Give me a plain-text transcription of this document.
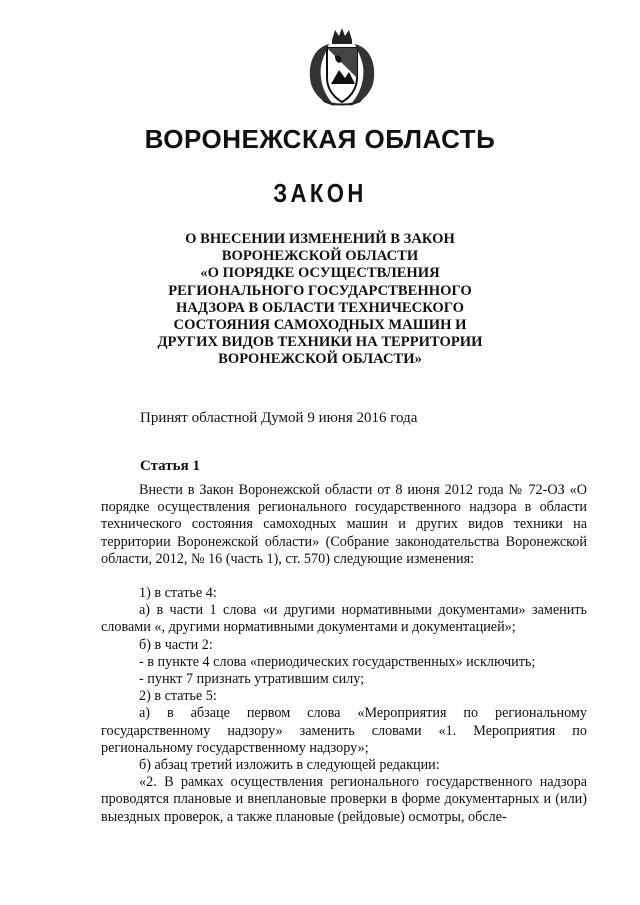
ВОРОНЕЖСКАЯ ОБЛАСТЬ
ЗАКОН
О ВНЕСЕНИИ ИЗМЕНЕНИЙ В ЗАКОН
ВОРОНЕЖСКОЙ ОБЛАСТИ
«О ПОРЯДКЕ ОСУЩЕСТВЛЕНИЯ
РЕГИОНАЛЬНОГО ГОСУДАРСТВЕННОГО
НАДЗОРА В ОБЛАСТИ ТЕХНИЧЕСКОГО
СОСТОЯНИЯ САМОХОДНЫХ МАШИН И
ДРУГИХ ВИДОВ ТЕХНИКИ НА ТЕРРИТОРИИ
ВОРОНЕЖСКОЙ ОБЛАСТИ»
Принят областной Думой 9 июня 2016 года
Статья 1

Внести в Закон Воронежской области от 8 июня 2012 года № 72-ОЗ «О порядке осуществления регионального государственного надзора в области технического состояния самоходных машин и других видов техники на территории Воронежской области» (Собрание законодательства Воронежской области, 2012, № 16 (часть 1), ст. 570) следующие изменения:

1) в статье 4:

а) в части 1 слова «и другими нормативными документами» заменить словами «, другими нормативными документами и документацией»;

б) в части 2:

- в пункте 4 слова «периодических государственных» исключить;

- пункт 7 признать утратившим силу;

2) в статье 5:

а) в абзаце первом слова «Мероприятия по региональному государственному надзору» заменить словами «1. Мероприятия по региональному государственному надзору»;

б) абзац третий изложить в следующей редакции:

«2. В рамках осуществления регионального государственного надзора проводятся плановые и внеплановые проверки в форме документарных и (или) выездных проверок, а также плановые (рейдовые) осмотры, обсле-
